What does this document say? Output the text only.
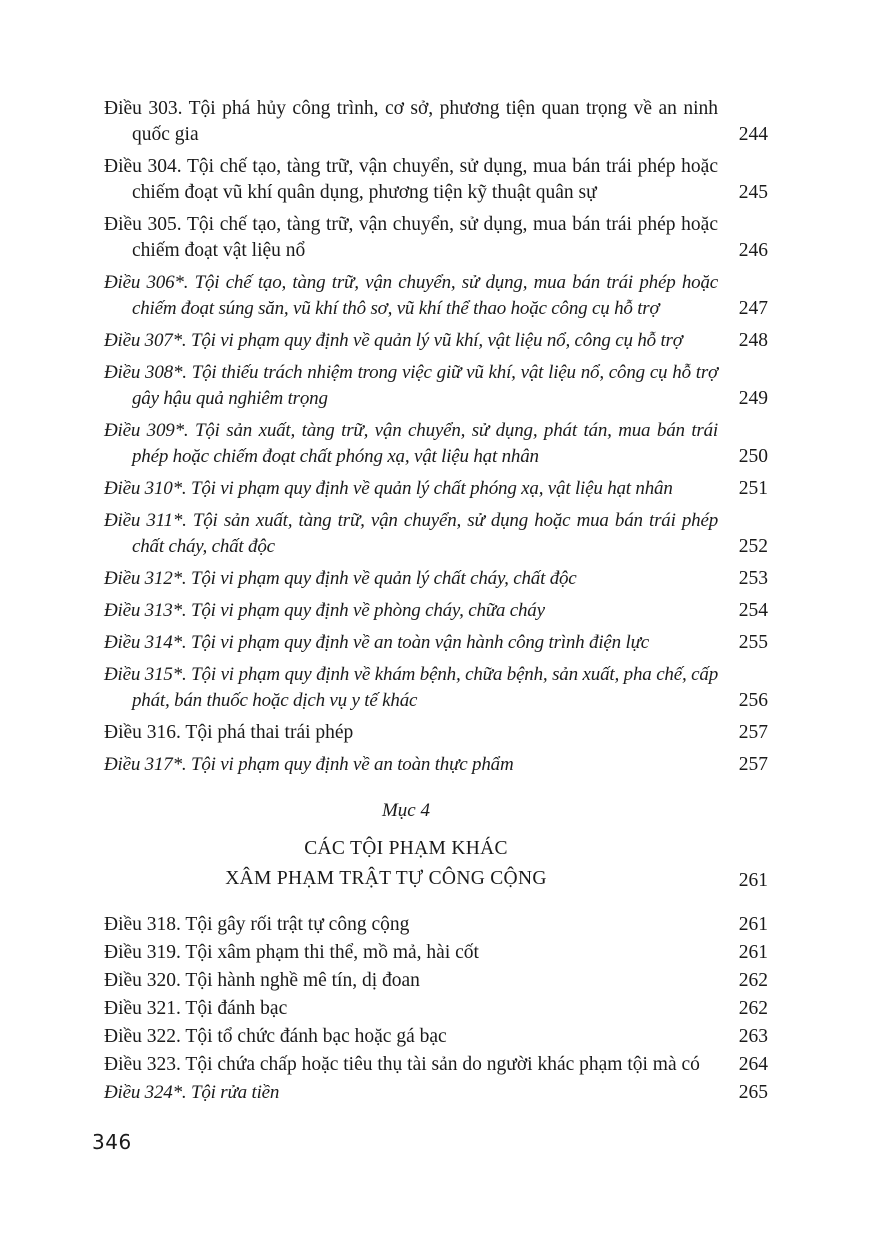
Điều 303. Tội phá hủy công trình, cơ sở, phương tiện quan trọng về an ninh quốc gia	244
Điều 304. Tội chế tạo, tàng trữ, vận chuyển, sử dụng, mua bán trái phép hoặc chiếm đoạt vũ khí quân dụng, phương tiện kỹ thuật quân sự	245
Điều 305. Tội chế tạo, tàng trữ, vận chuyển, sử dụng, mua bán trái phép hoặc chiếm đoạt vật liệu nổ	246
Điều 306*. Tội chế tạo, tàng trữ, vận chuyển, sử dụng, mua bán trái phép hoặc chiếm đoạt súng săn, vũ khí thô sơ, vũ khí thể thao hoặc công cụ hỗ trợ	247
Điều 307*. Tội vi phạm quy định về quản lý vũ khí, vật liệu nổ, công cụ hỗ trợ	248
Điều 308*. Tội thiếu trách nhiệm trong việc giữ vũ khí, vật liệu nổ, công cụ hỗ trợ gây hậu quả nghiêm trọng	249
Điều 309*. Tội sản xuất, tàng trữ, vận chuyển, sử dụng, phát tán, mua bán trái phép hoặc chiếm đoạt chất phóng xạ, vật liệu hạt nhân	250
Điều 310*. Tội vi phạm quy định về quản lý chất phóng xạ, vật liệu hạt nhân	251
Điều 311*. Tội sản xuất, tàng trữ, vận chuyển, sử dụng hoặc mua bán trái phép chất cháy, chất độc	252
Điều 312*. Tội vi phạm quy định về quản lý chất cháy, chất độc	253
Điều 313*. Tội vi phạm quy định về phòng cháy, chữa cháy	254
Điều 314*. Tội vi phạm quy định về an toàn vận hành công trình điện lực	255
Điều 315*. Tội vi phạm quy định về khám bệnh, chữa bệnh, sản xuất, pha chế, cấp phát, bán thuốc hoặc dịch vụ y tế khác	256
Điều 316. Tội phá thai trái phép	257
Điều 317*. Tội vi phạm quy định về an toàn thực phẩm	257
Mục 4
CÁC TỘI PHẠM KHÁC
XÂM PHẠM TRẬT TỰ CÔNG CỘNG	261
Điều 318. Tội gây rối trật tự công cộng	261
Điều 319. Tội xâm phạm thi thể, mồ mả, hài cốt	261
Điều 320. Tội hành nghề mê tín, dị đoan	262
Điều 321. Tội đánh bạc	262
Điều 322. Tội tổ chức đánh bạc hoặc gá bạc	263
Điều 323. Tội chứa chấp hoặc tiêu thụ tài sản do người khác phạm tội mà có	264
Điều 324*. Tội rửa tiền	265
346
